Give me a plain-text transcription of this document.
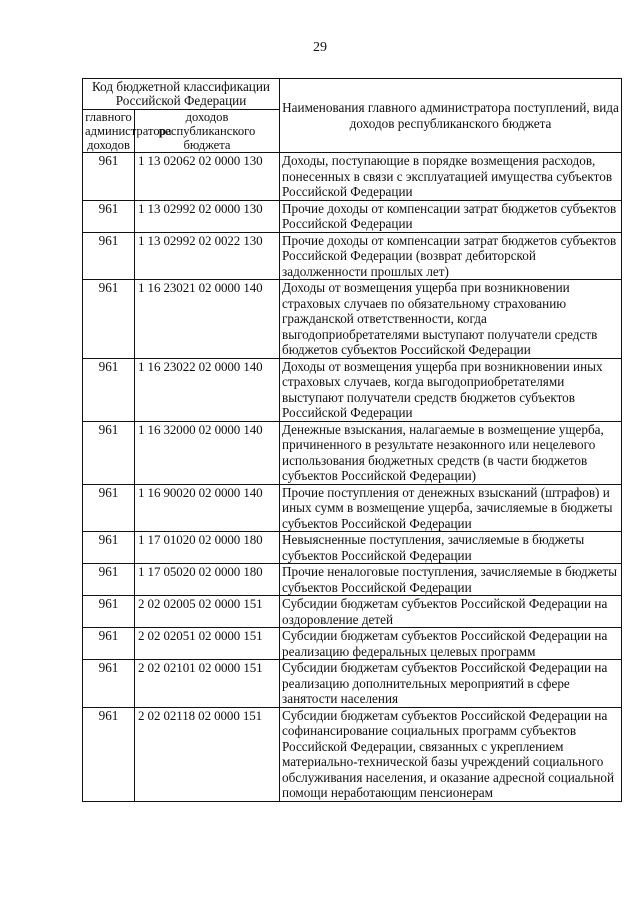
29
Код бюджетной классификации Российской Федерации		Наименования главного администратора поступлений, вида доходов республиканского бюджета
главного администратора доходов	доходов республиканского бюджета	
961	1 13 02062 02 0000 130	Доходы, поступающие в порядке возмещения расходов, понесенных в связи с эксплуатацией имущества субъектов Российской Федерации
961	1 13 02992 02 0000 130	Прочие доходы от компенсации затрат бюджетов субъектов Российской Федерации
961	1 13 02992 02 0022 130	Прочие доходы от компенсации затрат бюджетов субъектов Российской Федерации (возврат дебиторской задолженности прошлых лет)
961	1 16 23021 02 0000 140	Доходы от возмещения ущерба при возникновении страховых случаев по обязательному страхованию гражданской ответственности, когда выгодоприобретателями выступают получатели средств бюджетов субъектов Российской Федерации
961	1 16 23022 02 0000 140	Доходы от возмещения ущерба при возникновении иных страховых случаев, когда выгодоприобретателями выступают получатели средств бюджетов субъектов Российской Федерации
961	1 16 32000 02 0000 140	Денежные взыскания, налагаемые в возмещение ущерба, причиненного в результате незаконного или нецелевого использования бюджетных средств (в части бюджетов субъектов Российской Федерации)
961	1 16 90020 02 0000 140	Прочие поступления от денежных взысканий (штрафов) и иных сумм в возмещение ущерба, зачисляемые в бюджеты субъектов Российской Федерации
961	1 17 01020 02 0000 180	Невыясненные поступления, зачисляемые в бюджеты субъектов Российской Федерации
961	1 17 05020 02 0000 180	Прочие неналоговые поступления, зачисляемые в бюджеты субъектов Российской Федерации
961	2 02 02005 02 0000 151	Субсидии бюджетам субъектов Российской Федерации на оздоровление детей
961	2 02 02051 02 0000 151	Субсидии бюджетам субъектов Российской Федерации на реализацию федеральных целевых программ
961	2 02 02101 02 0000 151	Субсидии бюджетам субъектов Российской Федерации на реализацию дополнительных мероприятий в сфере занятости населения
961	2 02 02118 02 0000 151	Субсидии бюджетам субъектов Российской Федерации на софинансирование социальных программ субъектов Российской Федерации, связанных с укреплением материально-технической базы учреждений социального обслуживания населения, и оказание адресной социальной помощи неработающим пенсионерам
